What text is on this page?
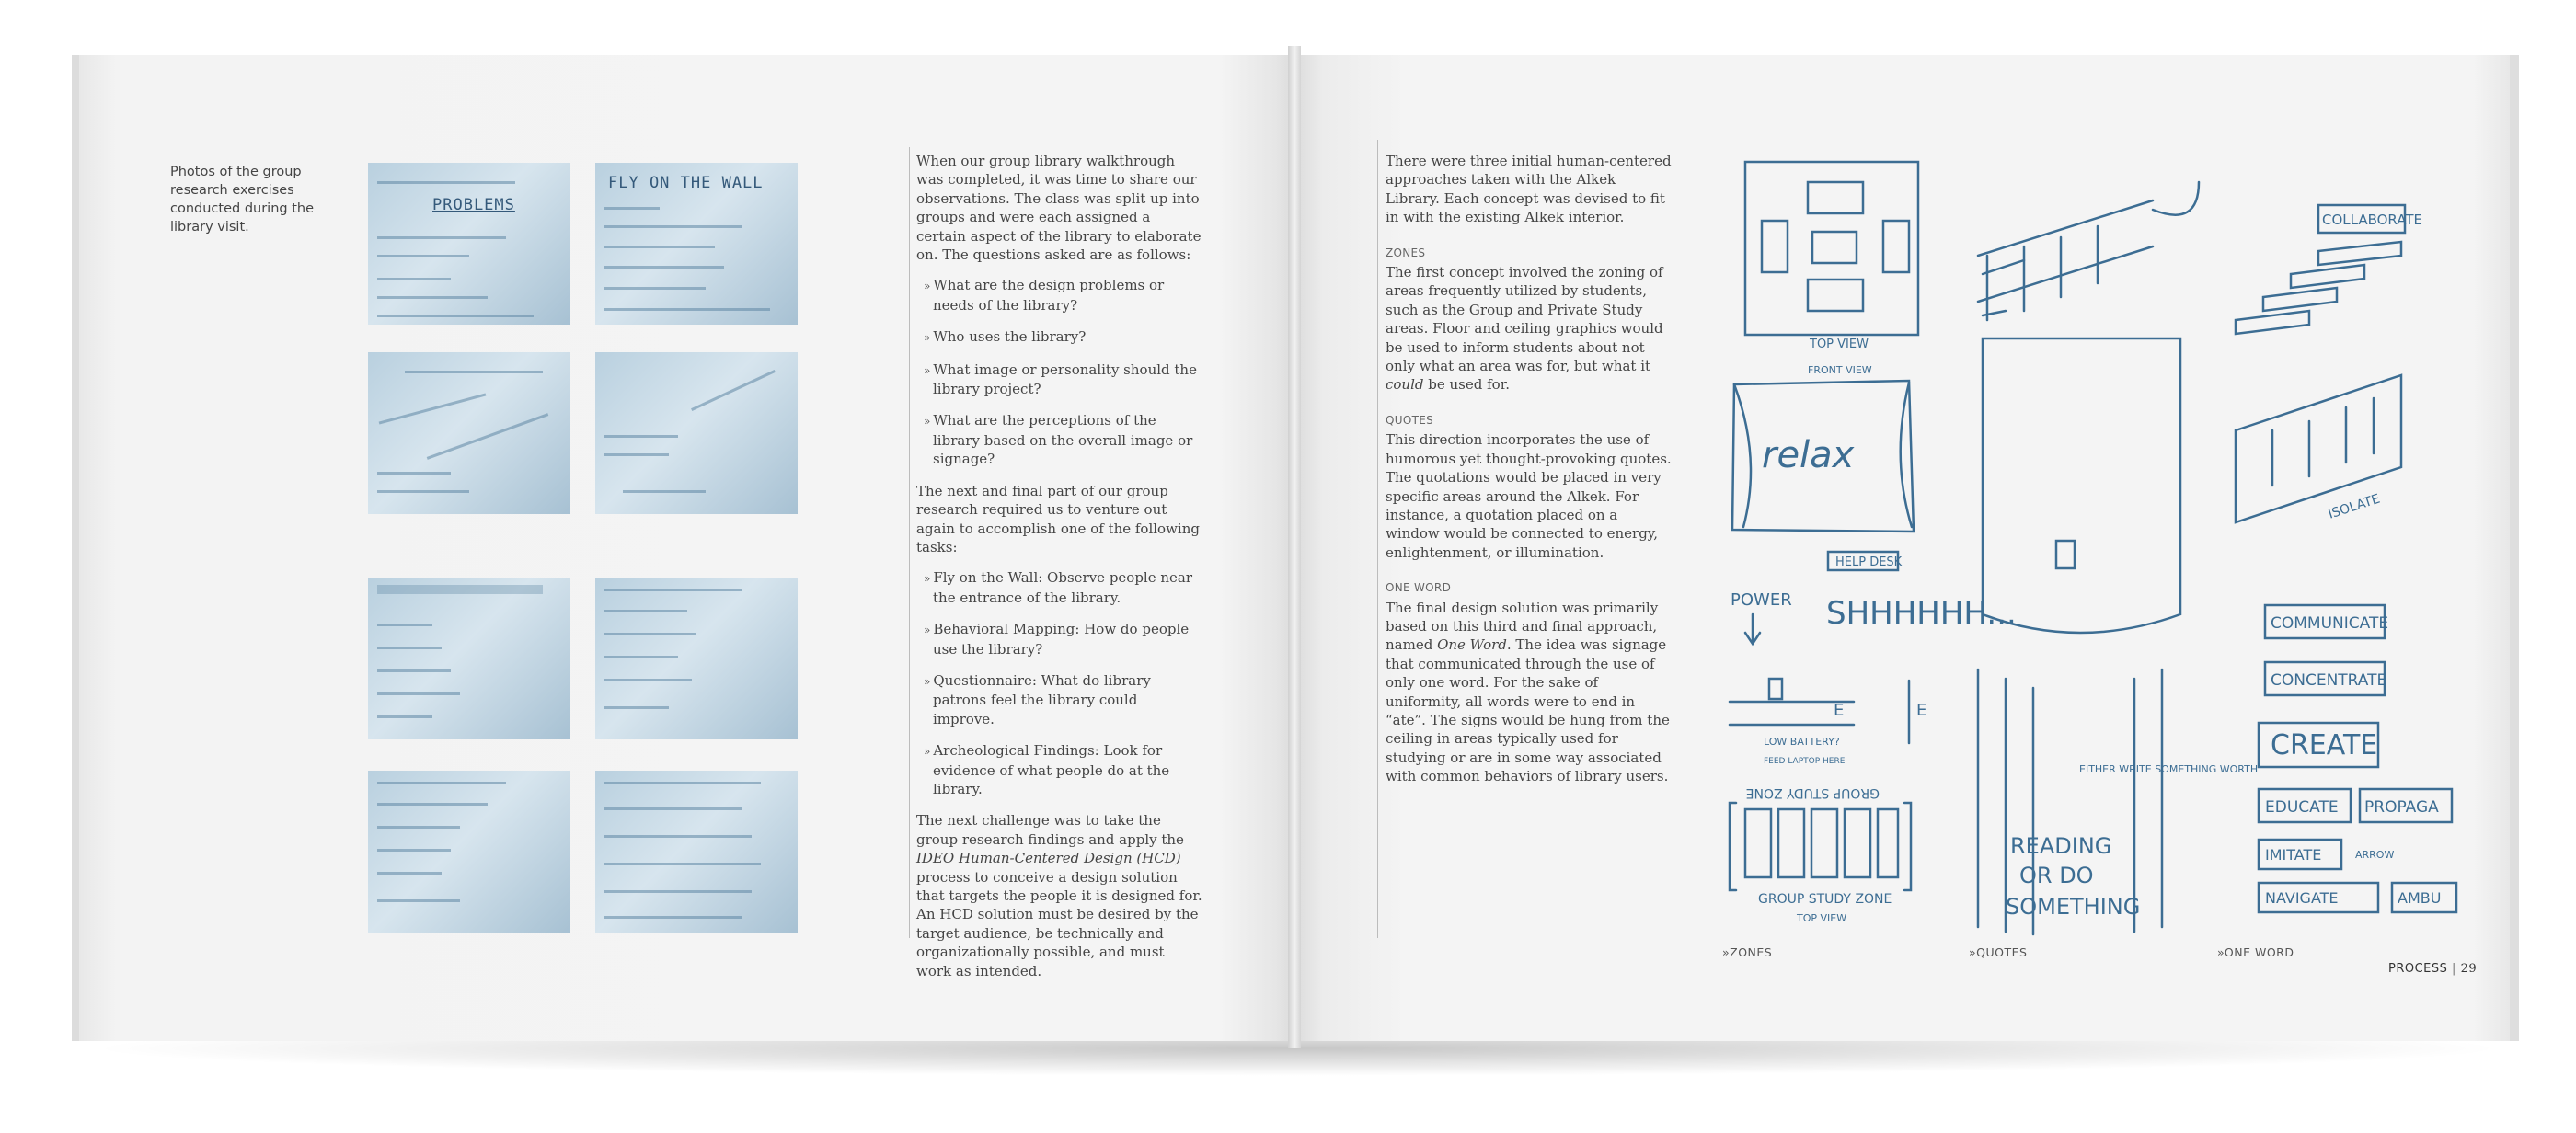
Photos of the group research exercises conducted during the library visit.
PROBLEMS
FLY ON THE WALL

When our group library walkthrough was completed, it was time to share our observations. The class was split up into groups and were each assigned a certain aspect of the library to elaborate on. The questions asked are as follows:

» What are the design problems or needs of the library?
» Who uses the library?
» What image or personality should the library project?
» What are the perceptions of the library based on the overall image or signage?

The next and final part of our group research required us to venture out again to accomplish one of the following tasks:

» Fly on the Wall: Observe people near the entrance of the library.
» Behavioral Mapping: How do people use the library?
» Questionnaire: What do library patrons feel the library could improve.
» Archeological Findings: Look for evidence of what people do at the library.

The next challenge was to take the group research findings and apply the IDEO Human-Centered Design (HCD) process to conceive a design solution that targets the people it is designed for. An HCD solution must be desired by the target audience, be technically and organizationally possible, and must work as intended.

There were three initial human-centered approaches taken with the Alkek Library. Each concept was devised to fit in with the existing Alkek interior.
ZONES
The first concept involved the zoning of areas frequently utilized by students, such as the Group and Private Study areas. Floor and ceiling graphics would be used to inform students about not only what an area was for, but what it could be used for.
QUOTES
This direction incorporates the use of humorous yet thought-provoking quotes. The quotations would be placed in very specific areas around the Alkek. For instance, a quotation placed on a window would be connected to energy, enlightenment, or illumination.
ONE WORD
The final design solution was primarily based on this third and final approach, named One Word. The idea was signage that communicated through the use of only one word. For the sake of uniformity, all words were to end in “ate”. The signs would be hung from the ceiling in areas typically used for studying or are in some way associated with common behaviors of library users.
TOP VIEW
FRONT VIEW
relax
POWER
HELP DESK
SHHHHHH...
E	E
LOW BATTERY?
FEED LAPTOP HERE
GROUP STUDY ZONE
GROUP STUDY ZONE
TOP VIEW
EITHER WRITE SOMETHING WORTH
READING
OR DO
SOMETHING
COLLABORATE
ISOLATE
COMMUNICATE
CONCENTRATE
CREATE
EDUCATE PROPAGA
IMITATE	ARROW
NAVIGATE	AMBU
»ZONES	»QUOTES	»ONE WORD
PROCESS | 29
